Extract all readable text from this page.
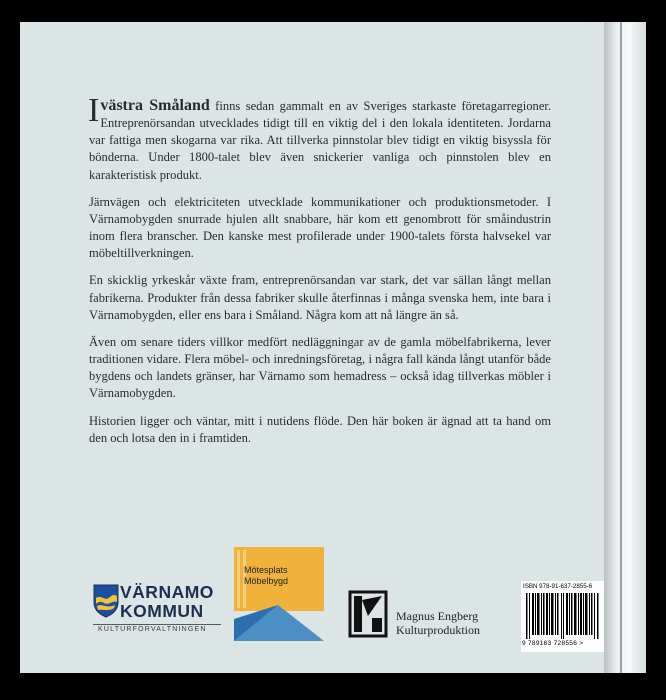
Ivästra Småland finns sedan gammalt en av Sveriges starkaste företagarregioner. Entreprenörsandan utvecklades tidigt till en viktig del i den lokala identiteten. Jordarna var fattiga men skogarna var rika. Att tillverka pinnstolar blev tidigt en viktig bisyssla för bönderna. Under 1800-talet blev även snickerier vanliga och pinnstolen blev en karakteristisk produkt.

Järnvägen och elektriciteten utvecklade kommunikationer och produktionsmetoder. I Värnamobygden snurrade hjulen allt snabbare, här kom ett genombrott för småindustrin inom flera branscher. Den kanske mest profilerade under 1900-talets första halvsekel var möbeltillverkningen.

En skicklig yrkeskår växte fram, entreprenörsandan var stark, det var sällan långt mellan fabrikerna. Produkter från dessa fabriker skulle återfinnas i många svenska hem, inte bara i Värnamobygden, eller ens bara i Småland. Några kom att nå längre än så.

Även om senare tiders villkor medfört nedläggningar av de gamla möbelfabrikerna, lever traditionen vidare. Flera möbel- och inredningsföretag, i några fall kända långt utanför både bygdens och landets gränser, har Värnamo som hemadress – också idag tillverkas möbler i Värnamobygden.

Historien ligger och väntar, mitt i nutidens flöde. Den här boken är ägnad att ta hand om den och lotsa den in i framtiden.

VÄRNAMO
KOMMUN
KULTURFÖRVALTNINGEN
Mötesplats
Möbelbygd
Magnus Engberg
Kulturproduktion
ISBN 978-91-637-2855-6
9 789163 728556 >
